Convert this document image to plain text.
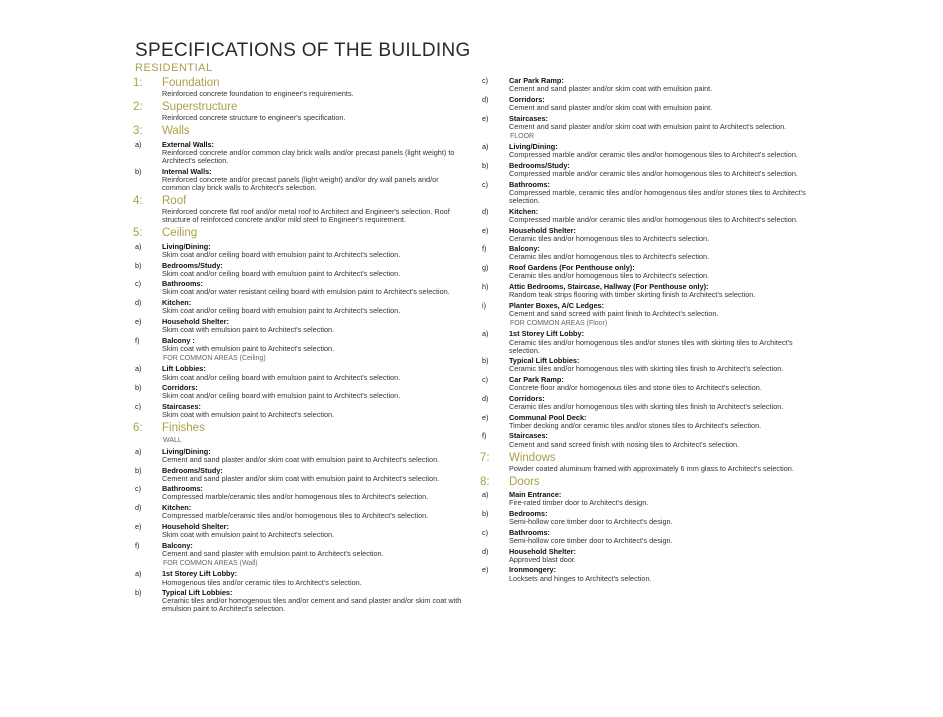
SPECIFICATIONS OF THE BUILDING
RESIDENTIAL
1:	Foundation
Reinforced concrete foundation to engineer's requirements.
2:	Superstructure
Reinforced concrete structure to engineer's specification.
3:	Walls
a)	External Walls:
Reinforced concrete and/or common clay brick walls and/or precast panels (light weight) to Architect's selection.
b)	Internal Walls:
Reinforced concrete and/or precast panels (light weight) and/or dry wall panels and/or common clay brick walls to Architect's selection.
4:	Roof
Reinforced concrete flat roof and/or metal roof to Architect and Engineer's selection. Roof structure of reinforced concrete and/or mild steel to Engineer's requirement.
5:	Ceiling
a)	Living/Dining:
Skim coat and/or ceiling board with emulsion paint to Architect's selection.
b)	Bedrooms/Study:
Skim coat and/or ceiling board with emulsion paint to Architect's selection.
c)	Bathrooms:
Skim coat and/or water resistant ceiling board with emulsion paint to Architect's selection.
d)	Kitchen:
Skim coat and/or ceiling board with emulsion paint to Architect's selection.
e)	Household Shelter:
Skim coat with emulsion paint to Architect's selection.
f)	Balcony :
Skim coat with emulsion paint to Architect's selection.
FOR COMMON AREAS (Ceiling)
a)	Lift Lobbies:
Skim coat and/or ceiling board with emulsion paint to Architect's selection.
b)	Corridors:
Skim coat and/or ceiling board with emulsion paint to Architect's selection.
c)	Staircases:
Skim coat with emulsion paint to Architect's selection.
6:	Finishes
WALL
a)	Living/Dining:
Cement and sand plaster and/or skim coat with emulsion paint to Architect's selection.
b)	Bedrooms/Study:
Cement and sand plaster and/or skim coat with emulsion paint to Architect's selection.
c)	Bathrooms:
Compressed marble/ceramic tiles and/or homogenous tiles to Architect's selection.
d)	Kitchen:
Compressed marble/ceramic tiles and/or homogenous tiles to Architect's selection.
e)	Household Shelter:
Skim coat with emulsion paint to Architect's selection.
f)	Balcony:
Cement and sand plaster with emulsion paint to Architect's selection.
FOR COMMON AREAS (Wall)
a)	1st Storey Lift Lobby:
Homogenous tiles and/or ceramic tiles to Architect's selection.
b)	Typical Lift Lobbies:
Ceramic tiles and/or homogenous tiles and/or cement and sand plaster and/or skim coat with emulsion paint to Architect's selection.
c)	Car Park Ramp:
Cement and sand plaster and/or skim coat with emulsion paint.
d)	Corridors:
Cement and sand plaster and/or skim coat with emulsion paint.
e)	Staircases:
Cement and sand plaster and/or skim coat with emulsion paint to Architect's selection.
FLOOR
a)	Living/Dining:
Compressed marble and/or ceramic tiles and/or homogenous tiles to Architect's selection.
b)	Bedrooms/Study:
Compressed marble and/or ceramic tiles and/or homogenous tiles to Architect's selection.
c)	Bathrooms:
Compressed marble, ceramic tiles and/or homogenous tiles and/or stones tiles to Architect's selection.
d)	Kitchen:
Compressed marble and/or ceramic tiles and/or homogenous tiles to Architect's selection.
e)	Household Shelter:
Ceramic tiles and/or homogenous tiles to Architect's selection.
f)	Balcony:
Ceramic tiles and/or homogenous tiles to Architect's selection.
g)	Roof Gardens (For Penthouse only):
Ceramic tiles and/or homogenous tiles to Architect's selection.
h)	Attic Bedrooms, Staircase, Hallway (For Penthouse only):
Random teak strips flooring with timber skirting finish to Architect's selection.
i)	Planter Boxes, A/C Ledges:
Cement and sand screed with paint finish to Architect's selection.
FOR COMMON AREAS (Floor)
a)	1st Storey Lift Lobby:
Ceramic tiles and/or homogenous tiles and/or stones tiles with skirting tiles to Architect's selection.
b)	Typical Lift Lobbies:
Ceramic tiles and/or homogenous tiles with skirting tiles finish to Architect's selection.
c)	Car Park Ramp:
Concrete floor and/or homogenous tiles and stone tiles to Architect's selection.
d)	Corridors:
Ceramic tiles and/or homogenous tiles with skirting tiles finish to Architect's selection.
e)	Communal Pool Deck:
Timber decking and/or ceramic tiles and/or stones tiles to Architect's selection.
f)	Staircases:
Cement and sand screed finish with nosing tiles to Architect's selection.
7:	Windows
Powder coated aluminum framed with approximately 6 mm glass to Architect's selection.
8:	Doors
a)	Main Entrance:
Fire-rated timber door to Architect's design.
b)	Bedrooms:
Semi-hollow core timber door to Architect's design.
c)	Bathrooms:
Semi-hollow core timber door to Architect's design.
d)	Household Shelter:
Approved blast door.
e)	Ironmongery:
Locksets and hinges to Architect's selection.
